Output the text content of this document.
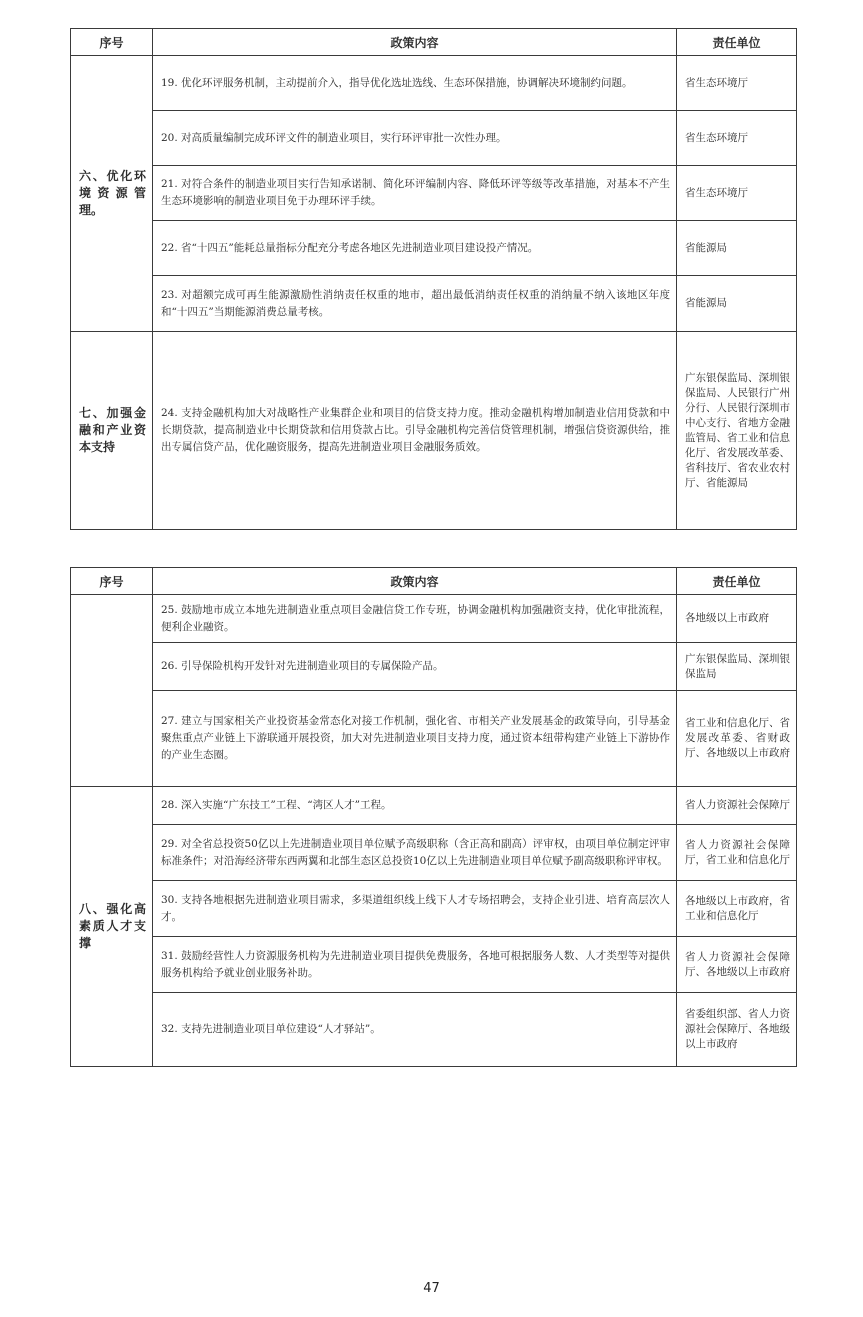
序号	政策内容	责任单位
六、优化环境资源管理。	19. 优化环评服务机制，主动提前介入，指导优化选址选线、生态环保措施，协调解决环境制约问题。	省生态环境厅
	20. 对高质量编制完成环评文件的制造业项目，实行环评审批一次性办理。	省生态环境厅
	21. 对符合条件的制造业项目实行告知承诺制、简化环评编制内容、降低环评等级等改革措施，对基本不产生生态环境影响的制造业项目免于办理环评手续。	省生态环境厅
	22. 省“十四五”能耗总量指标分配充分考虑各地区先进制造业项目建设投产情况。	省能源局
	23. 对超额完成可再生能源激励性消纳责任权重的地市，超出最低消纳责任权重的消纳量不纳入该地区年度和“十四五”当期能源消费总量考核。	省能源局
七、加强金融和产业资本支持	24. 支持金融机构加大对战略性产业集群企业和项目的信贷支持力度。推动金融机构增加制造业信用贷款和中长期贷款，提高制造业中长期贷款和信用贷款占比。引导金融机构完善信贷管理机制，增强信贷资源供给，推出专属信贷产品，优化融资服务，提高先进制造业项目金融服务质效。	广东银保监局、深圳银保监局、人民银行广州分行、人民银行深圳市中心支行、省地方金融监管局、省工业和信息化厅、省发展改革委、省科技厅、省农业农村厅、省能源局
序号	政策内容	责任单位
	25. 鼓励地市成立本地先进制造业重点项目金融信贷工作专班，协调金融机构加强融资支持，优化审批流程，便利企业融资。	各地级以上市政府
	26. 引导保险机构开发针对先进制造业项目的专属保险产品。	广东银保监局、深圳银保监局
	27. 建立与国家相关产业投资基金常态化对接工作机制，强化省、市相关产业发展基金的政策导向，引导基金聚焦重点产业链上下游联通开展投资，加大对先进制造业项目支持力度，通过资本纽带构建产业链上下游协作的产业生态圈。	省工业和信息化厅、省发展改革委、省财政厅、各地级以上市政府
八、强化高素质人才支撑	28. 深入实施“广东技工”工程、“湾区人才”工程。	省人力资源社会保障厅
	29. 对全省总投资50亿以上先进制造业项目单位赋予高级职称（含正高和副高）评审权，由项目单位制定评审标准条件；对沿海经济带东西两翼和北部生态区总投资10亿以上先进制造业项目单位赋予副高级职称评审权。	省人力资源社会保障厅，省工业和信息化厅
	30. 支持各地根据先进制造业项目需求，多渠道组织线上线下人才专场招聘会，支持企业引进、培育高层次人才。	各地级以上市政府，省工业和信息化厅
	31. 鼓励经营性人力资源服务机构为先进制造业项目提供免费服务，各地可根据服务人数、人才类型等对提供服务机构给予就业创业服务补助。	省人力资源社会保障厅、各地级以上市政府
	32. 支持先进制造业项目单位建设“人才驿站”。	省委组织部、省人力资源社会保障厅、各地级以上市政府
47
